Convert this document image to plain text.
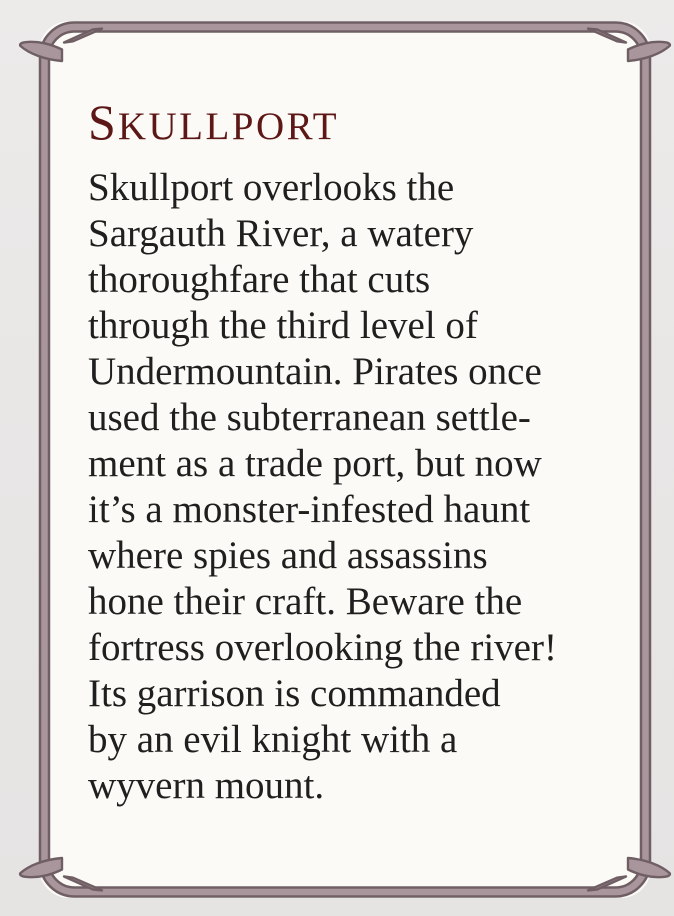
SKULLPORT
Skullport overlooks the
Sargauth River, a watery
thoroughfare that cuts
through the third level of
Undermountain. Pirates once
used the subterranean settle-
ment as a trade port, but now
it’s a monster-infested haunt
where spies and assassins
hone their craft. Beware the
fortress overlooking the river!
Its garrison is commanded
by an evil knight with a
wyvern mount.
